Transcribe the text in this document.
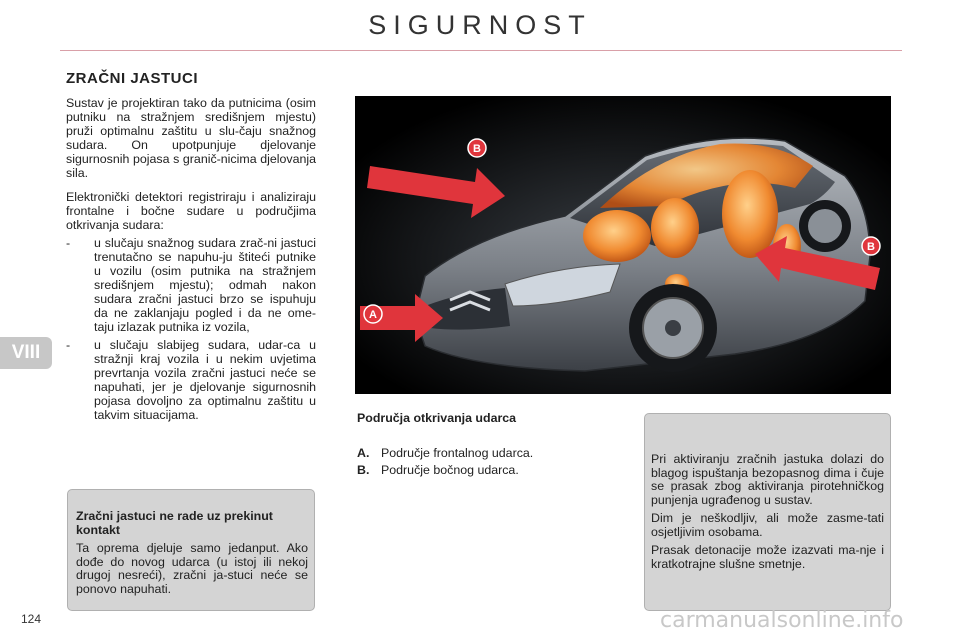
SIGURNOST
VIII
ZRAČNI JASTUCI

Sustav je projektiran tako da putnicima (osim putniku na stražnjem središnjem mjestu) pruži optimalnu zaštitu u slu-čaju snažnog sudara. On upotpunjuje djelovanje sigurnosnih pojasa s granič-nicima djelovanja sila.

Elektronički detektori registriraju i analiziraju frontalne i bočne sudare u područjima otkrivanja sudara:

- u slučaju snažnog sudara zrač-ni jastuci trenutačno se napuhu-ju štiteći putnike u vozilu (osim putnika na stražnjem središnjem mjestu); odmah nakon sudara zračni jastuci brzo se ispuhuju da ne zaklanjaju pogled i da ne ome-taju izlazak putnika iz vozila,
- u slučaju slabijeg sudara, udar-ca u stražnji kraj vozila i u nekim uvjetima prevrtanja vozila zračni jastuci neće se napuhati, jer je djelovanje sigurnosnih pojasa dovoljno za optimalnu zaštitu u takvim situacijama.
A
B
B
Područja otkrivanja udarca
A. Područje frontalnog udarca.
B. Područje bočnog udarca.
Zračni jastuci ne rade uz prekinut kontakt
Ta oprema djeluje samo jedanput. Ako dođe do novog udarca (u istoj ili nekoj drugoj nesreći), zračni ja-stuci neće se ponovo napuhati.

Pri aktiviranju zračnih jastuka dolazi do blagog ispuštanja bezopasnog dima i čuje se prasak zbog aktiviranja pirotehničkog punjenja ugrađenog u sustav.

Dim je neškodljiv, ali može zasme-tati osjetljivim osobama.

Prasak detonacije može izazvati ma-nje i kratkotrajne slušne smetnje.

124	carmanualsonline.info
